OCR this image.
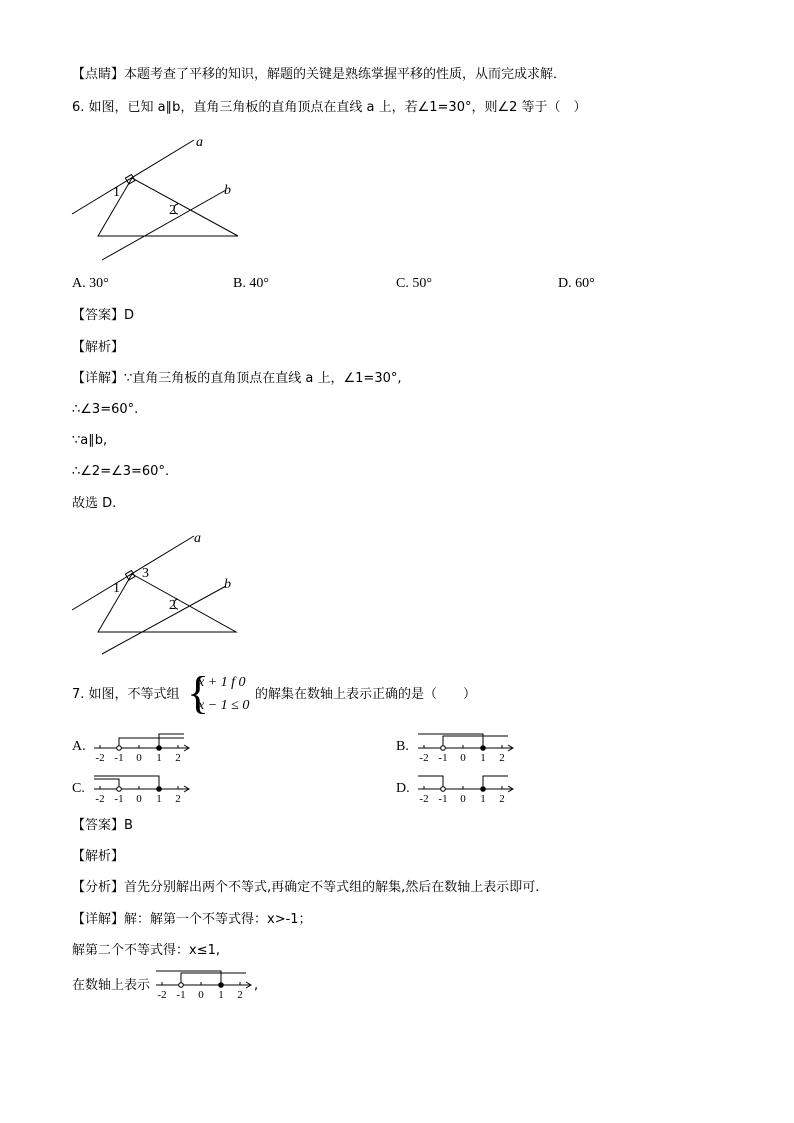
【点睛】本题考查了平移的知识，解题的关键是熟练掌握平移的性质，从而完成求解．
6. 如图，已知 a∥b，直角三角板的直角顶点在直线 a 上，若∠1=30°，则∠2 等于（　）
a
b
1
2
A. 30°	B. 40°	C. 50°	D. 60°
【答案】D
【解析】
【详解】∵直角三角板的直角顶点在直线 a 上，∠1=30°,
∴∠3=60°.
∵a∥b,
∴∠2=∠3=60°.
故选 D.
a
b
1
2
3
7. 如图，不等式组 {
x + 1 f 0
x − 1 ≤ 0
的解集在数轴上表示正确的是（　　）
A.	B.
C.	D.
-2 -1 0 1 2	-2 -1 0 1 2
-2 -1 0 1 2	-2 -1 0 1 2
【答案】B
【解析】
【分析】首先分别解出两个不等式,再确定不等式组的解集,然后在数轴上表示即可.
【详解】解：解第一个不等式得：x>-1；
解第二个不等式得：x≤1,
在数轴上表示
-2 -1 0 1 2
,
